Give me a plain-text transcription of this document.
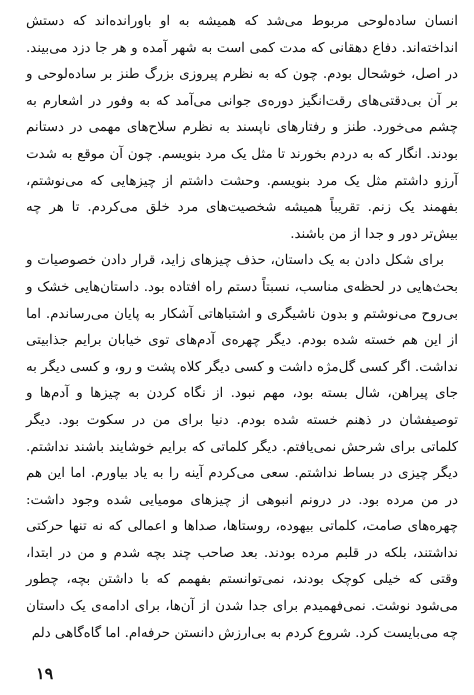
انسان ساده‌لوحی مربوط می‌شد که همیشه به او باورانده‌اند که دستش انداخته‌اند. دفاع دهقانی که مدت کمی است به شهر آمده و هر جا دزد می‌بیند. در اصل، خوشحال بودم. چون که به نظرم پیروزی بزرگ طنز بر ساده‌لوحی و بر آن بی‌دقتی‌های رقت‌انگیز دوره‌ی جوانی می‌آمد که به وفور در اشعارم به چشم می‌خورد. طنز و رفتارهای ناپسند به نظرم سلاح‌های مهمی در دستانم بودند. انگار که به دردم بخورند تا مثل یک مرد بنویسم. چون آن موقع به شدت آرزو داشتم مثل یک مرد بنویسم. وحشت داشتم از چیزهایی که می‌نوشتم، بفهمند یک زنم. تقریباً همیشه شخصیت‌های مرد خلق می‌کردم. تا هر چه بیش‌تر دور و جدا از من باشند.

برای شکل دادن به یک داستان، حذف چیزهای زاید، قرار دادن خصوصیات و بحث‌هایی در لحظه‌ی مناسب، نسبتاً دستم راه افتاده بود. داستان‌هایی خشک و بی‌روح می‌نوشتم و بدون ناشیگری و اشتباهاتی آشکار به پایان می‌رساندم. اما از این هم خسته شده بودم. دیگر چهره‌ی آدم‌های توی خیابان برایم جذابیتی نداشت. اگر کسی گل‌مژه داشت و کسی دیگر کلاه پشت و رو، و کسی دیگر به جای پیراهن، شال بسته بود، مهم نبود. از نگاه کردن به چیزها و آدم‌ها و توصیفشان در ذهنم خسته شده بودم. دنیا برای من در سکوت بود. دیگر کلماتی برای شرحش نمی‌یافتم. دیگر کلماتی که برایم خوشایند باشند نداشتم. دیگر چیزی در بساط نداشتم. سعی می‌کردم آینه را به یاد بیاورم. اما این هم در من مرده بود. در درونم انبوهی از چیزهای مومیایی شده وجود داشت: چهره‌های صامت، کلماتی بیهوده، روستاها، صداها و اعمالی که نه تنها حرکتی نداشتند، بلکه در قلبم مرده بودند. بعد صاحب چند بچه شدم و من در ابتدا، وقتی که خیلی کوچک بودند، نمی‌توانستم بفهمم که با داشتن بچه، چطور می‌شود نوشت. نمی‌فهمیدم برای جدا شدن از آن‌ها، برای ادامه‌ی یک داستان چه می‌بایست کرد. شروع کردم به بی‌ارزش دانستن حرفه‌ام. اما گاه‌گاهی دلم

۱۹
